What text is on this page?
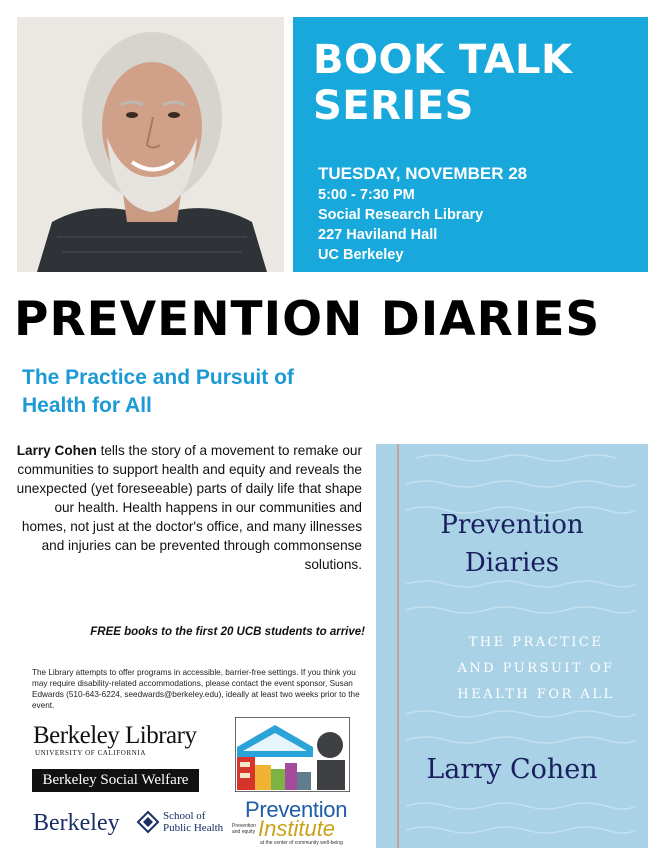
BOOK TALK
SERIES
TUESDAY, NOVEMBER 28
5:00 - 7:30 PM
Social Research Library
227 Haviland Hall
UC Berkeley
PREVENTION DIARIES
The Practice and Pursuit of
Health for All
Larry Cohen tells the story of a movement to remake our communities to support health and equity and reveals the unexpected (yet foreseeable) parts of daily life that shape our health. Health happens in our communities and homes, not just at the doctor's office, and many illnesses and injuries can be prevented through commonsense solutions.
FREE books to the first 20 UCB students to arrive!
The Library attempts to offer programs in accessible, barrier-free settings. If you think you may require disability-related accommodations, please contact the event sponsor, Susan Edwards (510-643-6224, seedwards@berkeley.edu), ideally at least two weeks prior to the event.
Berkeley Library
UNIVERSITY OF CALIFORNIA
Berkeley Social Welfare
Berkeley	School of
Public Health
Prevention
Institute
Prevention and equity
at the center of community well-being
Prevention
Diaries
THE PRACTICE
AND PURSUIT OF
HEALTH FOR ALL
Larry Cohen
